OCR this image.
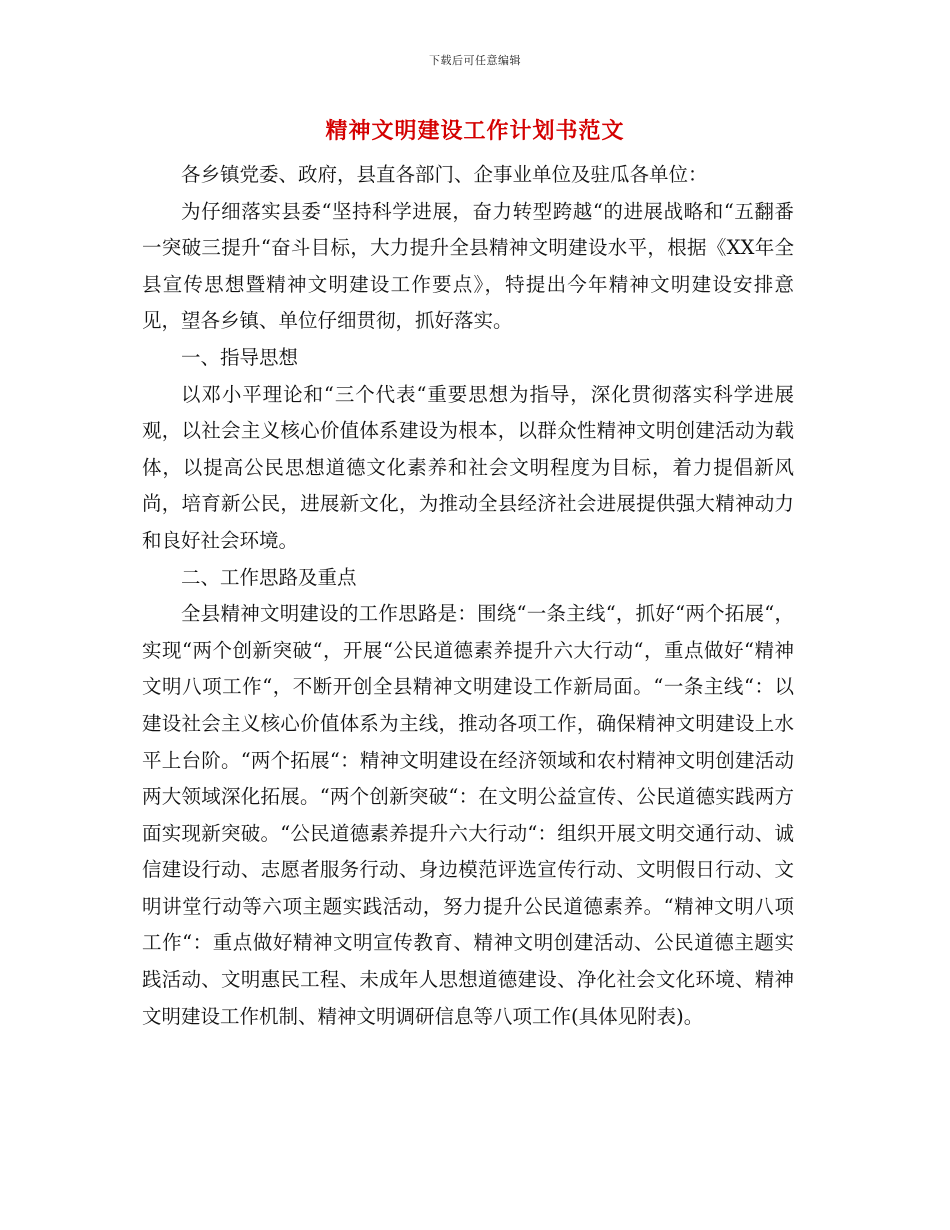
下载后可任意编辑
精神文明建设工作计划书范文

各乡镇党委、政府，县直各部门、企事业单位及驻瓜各单位：

为仔细落实县委“坚持科学进展，奋力转型跨越“的进展战略和“五翻番一突破三提升“奋斗目标，大力提升全县精神文明建设水平，根据《XX年全县宣传思想暨精神文明建设工作要点》，特提出今年精神文明建设安排意见，望各乡镇、单位仔细贯彻，抓好落实。

一、指导思想

以邓小平理论和“三个代表“重要思想为指导，深化贯彻落实科学进展观，以社会主义核心价值体系建设为根本，以群众性精神文明创建活动为载体，以提高公民思想道德文化素养和社会文明程度为目标，着力提倡新风尚，培育新公民，进展新文化，为推动全县经济社会进展提供强大精神动力和良好社会环境。

二、工作思路及重点

全县精神文明建设的工作思路是：围绕“一条主线“，抓好“两个拓展“，实现“两个创新突破“，开展“公民道德素养提升六大行动“，重点做好“精神文明八项工作“，不断开创全县精神文明建设工作新局面。“一条主线“：以建设社会主义核心价值体系为主线，推动各项工作，确保精神文明建设上水平上台阶。“两个拓展“：精神文明建设在经济领域和农村精神文明创建活动两大领域深化拓展。“两个创新突破“：在文明公益宣传、公民道德实践两方面实现新突破。“公民道德素养提升六大行动“：组织开展文明交通行动、诚信建设行动、志愿者服务行动、身边模范评选宣传行动、文明假日行动、文明讲堂行动等六项主题实践活动，努力提升公民道德素养。“精神文明八项工作“：重点做好精神文明宣传教育、精神文明创建活动、公民道德主题实践活动、文明惠民工程、未成年人思想道德建设、净化社会文化环境、精神文明建设工作机制、精神文明调研信息等八项工作(具体见附表)。
